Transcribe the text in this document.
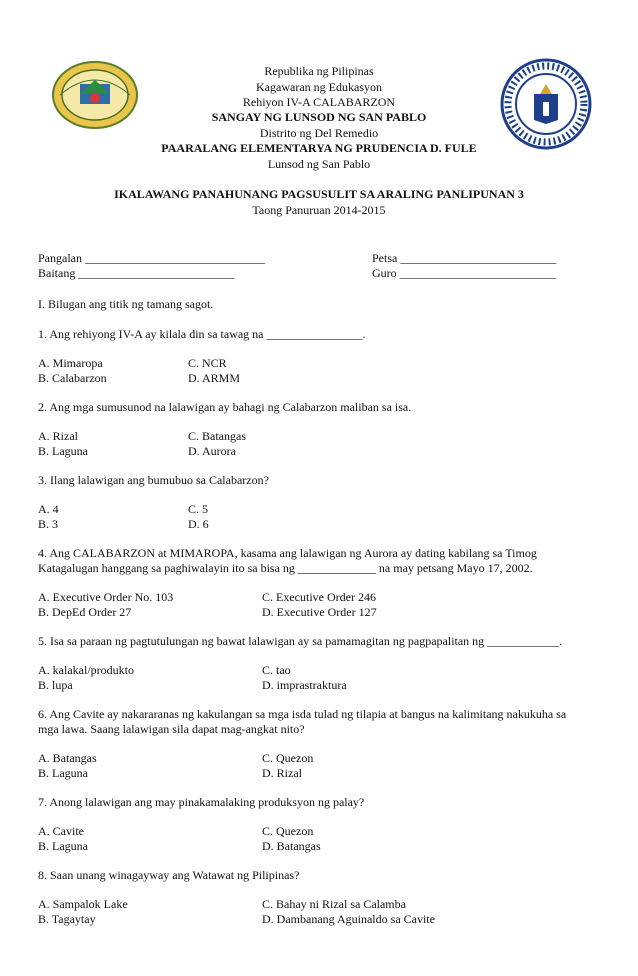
Republika ng Pilipinas
Kagawaran ng Edukasyon
Rehiyon IV-A CALABARZON
SANGAY NG LUNSOD NG SAN PABLO
Distrito ng Del Remedio
PAARALANG ELEMENTARYA NG PRUDENCIA D. FULE
Lunsod ng San Pablo
IKALAWANG PANAHUNANG PAGSUSULIT SA ARALING PANLIPUNAN 3
Taong Panuruan 2014-2015
Pangalan ______________________________	Petsa __________________________
Baitang __________________________	Guro __________________________
I. Bilugan ang titik ng tamang sagot.
1. Ang rehiyong IV-A ay kilala din sa tawag na ________________.
A. Mimaropa	C. NCR
B. Calabarzon	D. ARMM
2. Ang mga sumusunod na lalawigan ay bahagi ng Calabarzon maliban sa isa.
A. Rizal	C. Batangas
B. Laguna	D. Aurora
3. Ilang lalawigan ang bumubuo sa Calabarzon?
A. 4	C. 5
B. 3	D. 6
4. Ang CALABARZON at MIMAROPA, kasama ang lalawigan ng Aurora ay dating kabilang sa Timog
Katagalugan hanggang sa paghiwalayin ito sa bisa ng _____________ na may petsang Mayo 17, 2002.
A. Executive Order No. 103	C. Executive Order 246
B. DepEd Order 27	D. Executive Order 127
5. Isa sa paraan ng pagtutulungan ng bawat lalawigan ay sa pamamagitan ng pagpapalitan ng ____________.
A. kalakal/produkto	C. tao
B. lupa	D. imprastraktura
6. Ang Cavite ay nakararanas ng kakulangan sa mga isda tulad ng tilapia at bangus na kalimitang nakukuha sa
mga lawa. Saang lalawigan sila dapat mag-angkat nito?
A. Batangas	C. Quezon
B. Laguna	D. Rizal
7. Anong lalawigan ang may pinakamalaking produksyon ng palay?
A. Cavite	C. Quezon
B. Laguna	D. Batangas
8. Saan unang winagayway ang Watawat ng Pilipinas?
A. Sampalok Lake	C. Bahay ni Rizal sa Calamba
B. Tagaytay	D. Dambanang Aguinaldo sa Cavite
